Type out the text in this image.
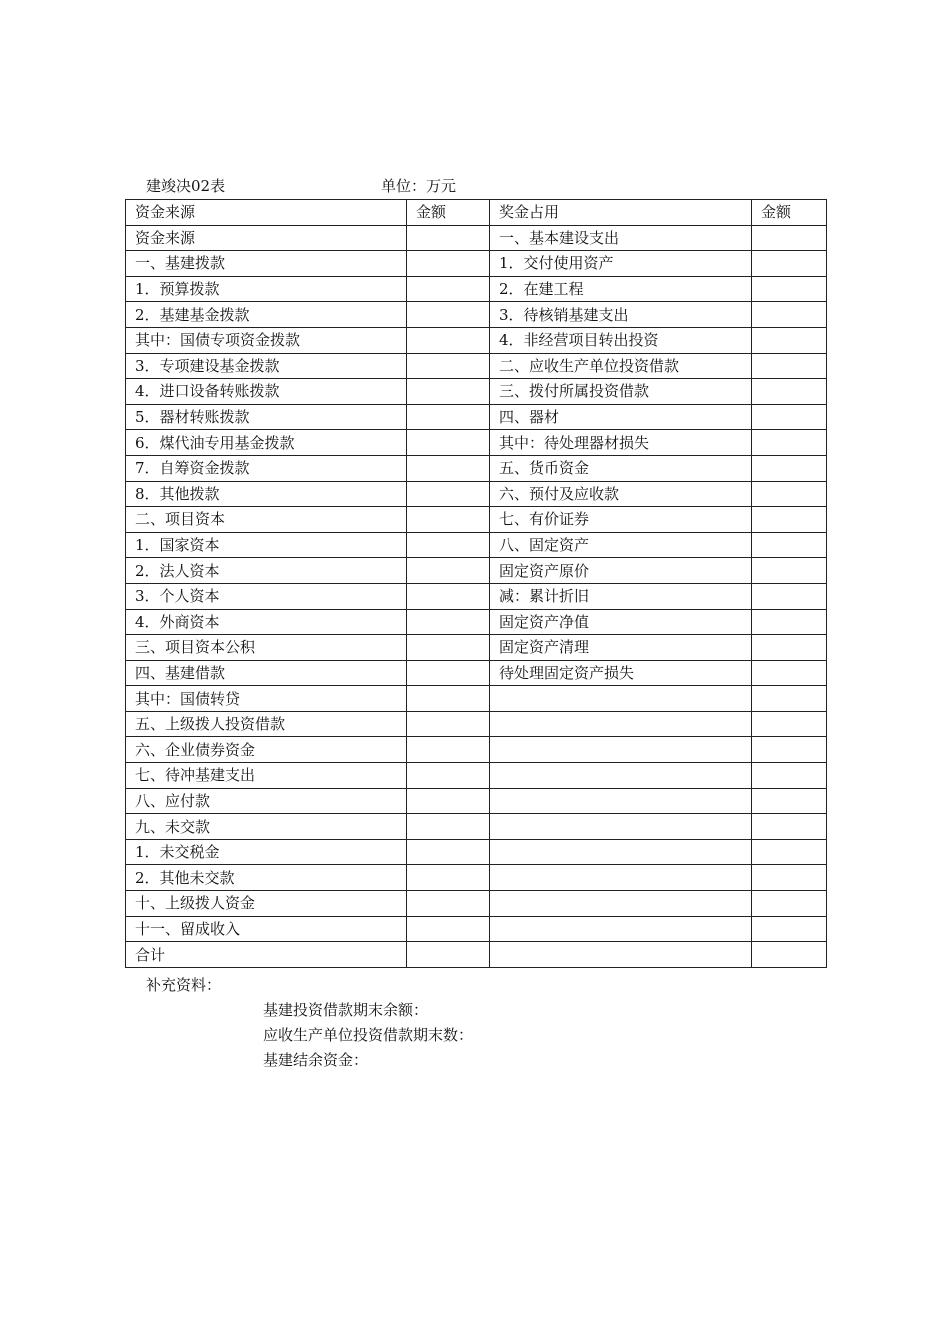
建竣决02表	单位：万元
资金来源	金额	奖金占用	金额
资金来源		一、基本建设支出	
一、基建拨款		1．交付使用资产	
1．预算拨款		2．在建工程	
2．基建基金拨款		3．待核销基建支出	
其中：国债专项资金拨款		4．非经营项目转出投资	
3．专项建设基金拨款		二、应收生产单位投资借款	
4．进口设备转账拨款		三、拨付所属投资借款	
5．器材转账拨款		四、器材	
6．煤代油专用基金拨款		其中：待处理器材损失	
7．自筹资金拨款		五、货币资金	
8．其他拨款		六、预付及应收款	
二、项目资本		七、有价证券	
1．国家资本		八、固定资产	
2．法人资本		固定资产原价	
3．个人资本		减：累计折旧	
4．外商资本		固定资产净值	
三、项目资本公积		固定资产清理	
四、基建借款		待处理固定资产损失	
其中：国债转贷			
五、上级拨人投资借款			
六、企业债券资金			
七、待冲基建支出			
八、应付款			
九、未交款			
1．未交税金			
2．其他未交款			
十、上级拨人资金			
十一、留成收入			
合计			
补充资料：
基建投资借款期末余额：
应收生产单位投资借款期末数：
基建结余资金：
